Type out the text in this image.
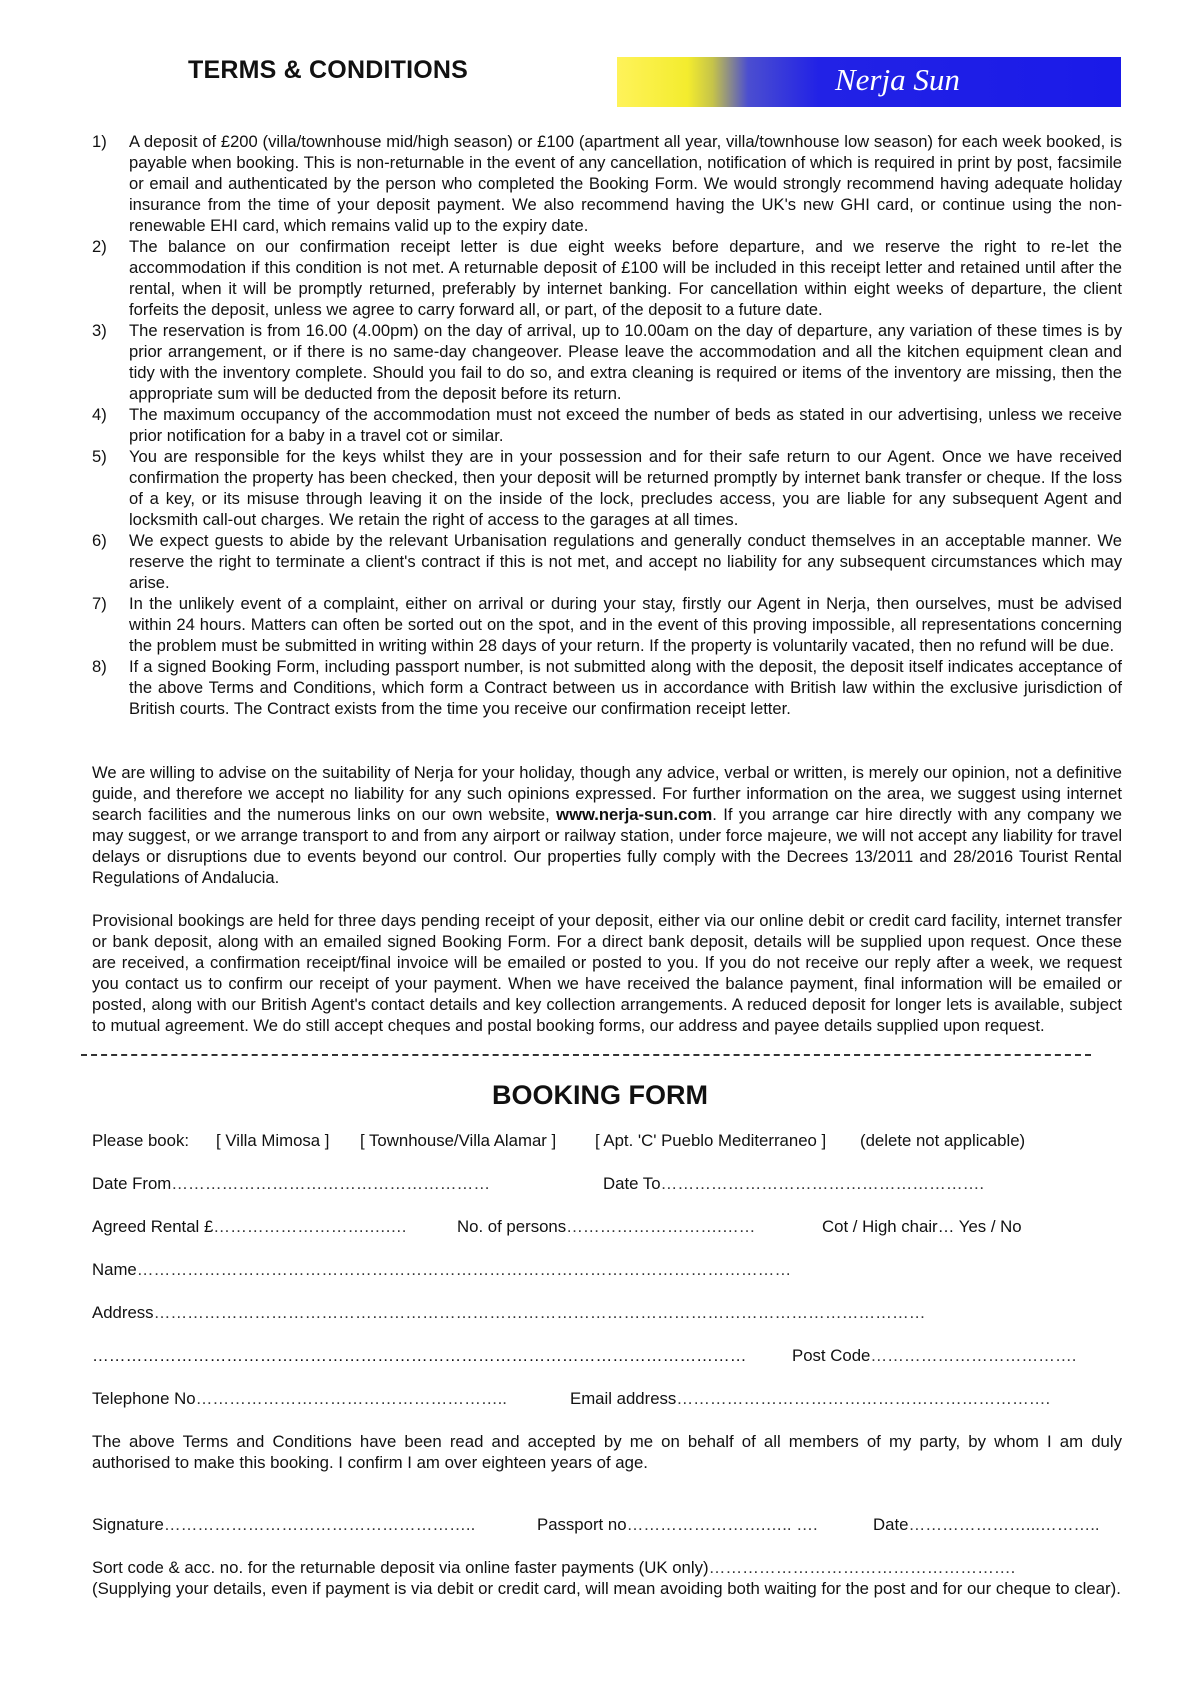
TERMS & CONDITIONS	Nerja Sun
1)	A deposit of £200 (villa/townhouse mid/high season) or £100 (apartment all year, villa/townhouse low season) for each week booked, is payable when booking. This is non-returnable in the event of any cancellation, notification of which is required in print by post, facsimile or email and authenticated by the person who completed the Booking Form. We would strongly recommend having adequate holiday insurance from the time of your deposit payment. We also recommend having the UK's new GHI card, or continue using the non-renewable EHI card, which remains valid up to the expiry date.
2)	The balance on our confirmation receipt letter is due eight weeks before departure, and we reserve the right to re-let the accommodation if this condition is not met. A returnable deposit of £100 will be included in this receipt letter and retained until after the rental, when it will be promptly returned, preferably by internet banking. For cancellation within eight weeks of departure, the client forfeits the deposit, unless we agree to carry forward all, or part, of the deposit to a future date.
3)	The reservation is from 16.00 (4.00pm) on the day of arrival, up to 10.00am on the day of departure, any variation of these times is by prior arrangement, or if there is no same-day changeover. Please leave the accommodation and all the kitchen equipment clean and tidy with the inventory complete. Should you fail to do so, and extra cleaning is required or items of the inventory are missing, then the appropriate sum will be deducted from the deposit before its return.
4)	The maximum occupancy of the accommodation must not exceed the number of beds as stated in our advertising, unless we receive prior notification for a baby in a travel cot or similar.
5)	You are responsible for the keys whilst they are in your possession and for their safe return to our Agent. Once we have received confirmation the property has been checked, then your deposit will be returned promptly by internet bank transfer or cheque. If the loss of a key, or its misuse through leaving it on the inside of the lock, precludes access, you are liable for any subsequent Agent and locksmith call-out charges. We retain the right of access to the garages at all times.
6)	We expect guests to abide by the relevant Urbanisation regulations and generally conduct themselves in an acceptable manner. We reserve the right to terminate a client's contract if this is not met, and accept no liability for any subsequent circumstances which may arise.
7)	In the unlikely event of a complaint, either on arrival or during your stay, firstly our Agent in Nerja, then ourselves, must be advised within 24 hours. Matters can often be sorted out on the spot, and in the event of this proving impossible, all representations concerning the problem must be submitted in writing within 28 days of your return. If the property is voluntarily vacated, then no refund will be due.
8)	If a signed Booking Form, including passport number, is not submitted along with the deposit, the deposit itself indicates acceptance of the above Terms and Conditions, which form a Contract between us in accordance with British law within the exclusive jurisdiction of British courts. The Contract exists from the time you receive our confirmation receipt letter.
We are willing to advise on the suitability of Nerja for your holiday, though any advice, verbal or written, is merely our opinion, not a definitive guide, and therefore we accept no liability for any such opinions expressed. For further information on the area, we suggest using internet search facilities and the numerous links on our own website, www.nerja-sun.com. If you arrange car hire directly with any company we may suggest, or we arrange transport to and from any airport or railway station, under force majeure, we will not accept any liability for travel delays or disruptions due to events beyond our control. Our properties fully comply with the Decrees 13/2011 and 28/2016 Tourist Rental Regulations of Andalucia.
Provisional bookings are held for three days pending receipt of your deposit, either via our online debit or credit card facility, internet transfer or bank deposit, along with an emailed signed Booking Form. For a direct bank deposit, details will be supplied upon request. Once these are received, a confirmation receipt/final invoice will be emailed or posted to you. If you do not receive our reply after a week, we request you contact us to confirm our receipt of your payment. When we have received the balance payment, final information will be emailed or posted, along with our British Agent's contact details and key collection arrangements. A reduced deposit for longer lets is available, subject to mutual agreement. We do still accept cheques and postal booking forms, our address and payee details supplied upon request.
BOOKING FORM
Please book: [ Villa Mimosa ] [ Townhouse/Villa Alamar ] [ Apt. 'C' Pueblo Mediterraneo ] (delete not applicable)
Date From…………………………………………………	Date To………………………………………………….
Agreed Rental £……………………….….…	No. of persons……………………….……	Cot / High chair… Yes / No
Name………………………………………………………………………………………………………
Address…………………………………………………………………………………………………………………………
………………………………………………………………………………………………………	Post Code……………………………….
Telephone No………………………………………………..	Email address………………………………………………………….
The above Terms and Conditions have been read and accepted by me on behalf of all members of my party, by whom I am duly authorised to make this booking. I confirm I am over eighteen years of age.
Signature………………………………………………..	Passport no…………………….….. ….	Date…………………...………..
Sort code & acc. no. for the returnable deposit via online faster payments (UK only)……………………………………………….
(Supplying your details, even if payment is via debit or credit card, will mean avoiding both waiting for the post and for our cheque to clear).
